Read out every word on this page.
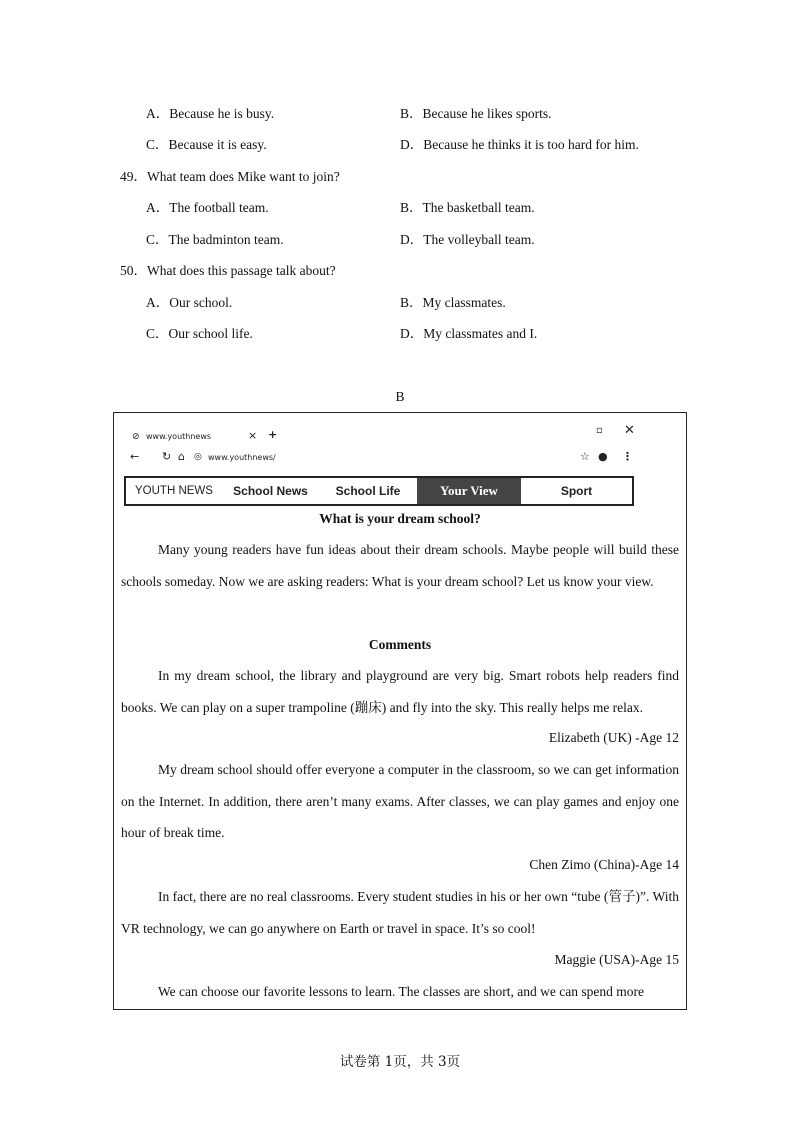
A．Because he is busy.	B．Because he likes sports.
C．Because it is easy.	D．Because he thinks it is too hard for him.
49．What team does Mike want to join?
A．The football team.	B．The basketball team.
C．The badminton team.	D．The volleyball team.
50．What does this passage talk about?
A．Our school.	B．My classmates.
C．Our school life.	D．My classmates and I.
B
⊘ www.youthnews	× +	▫ ✕
← ↻ ⌂ ◎ www.youthnews/	☆ ● ⋮
YOUTH NEWS	School News	School Life	Your View	Sport
What is your dream school?

Many young readers have fun ideas about their dream schools. Maybe people will build these schools someday. Now we are asking readers: What is your dream school? Let us know your view.

Comments

In my dream school, the library and playground are very big. Smart robots help readers find books. We can play on a super trampoline (蹦床) and fly into the sky. This really helps me relax.

Elizabeth (UK) -Age 12

My dream school should offer everyone a computer in the classroom, so we can get information on the Internet. In addition, there aren’t many exams. After classes, we can play games and enjoy one hour of break time.

Chen Zimo (China)-Age 14

In fact, there are no real classrooms. Every student studies in his or her own “tube (管子)”. With VR technology, we can go anywhere on Earth or travel in space. It’s so cool!

Maggie (USA)-Age 15

We can choose our favorite lessons to learn. The classes are short, and we can spend more

试卷第 1页，共 3页
